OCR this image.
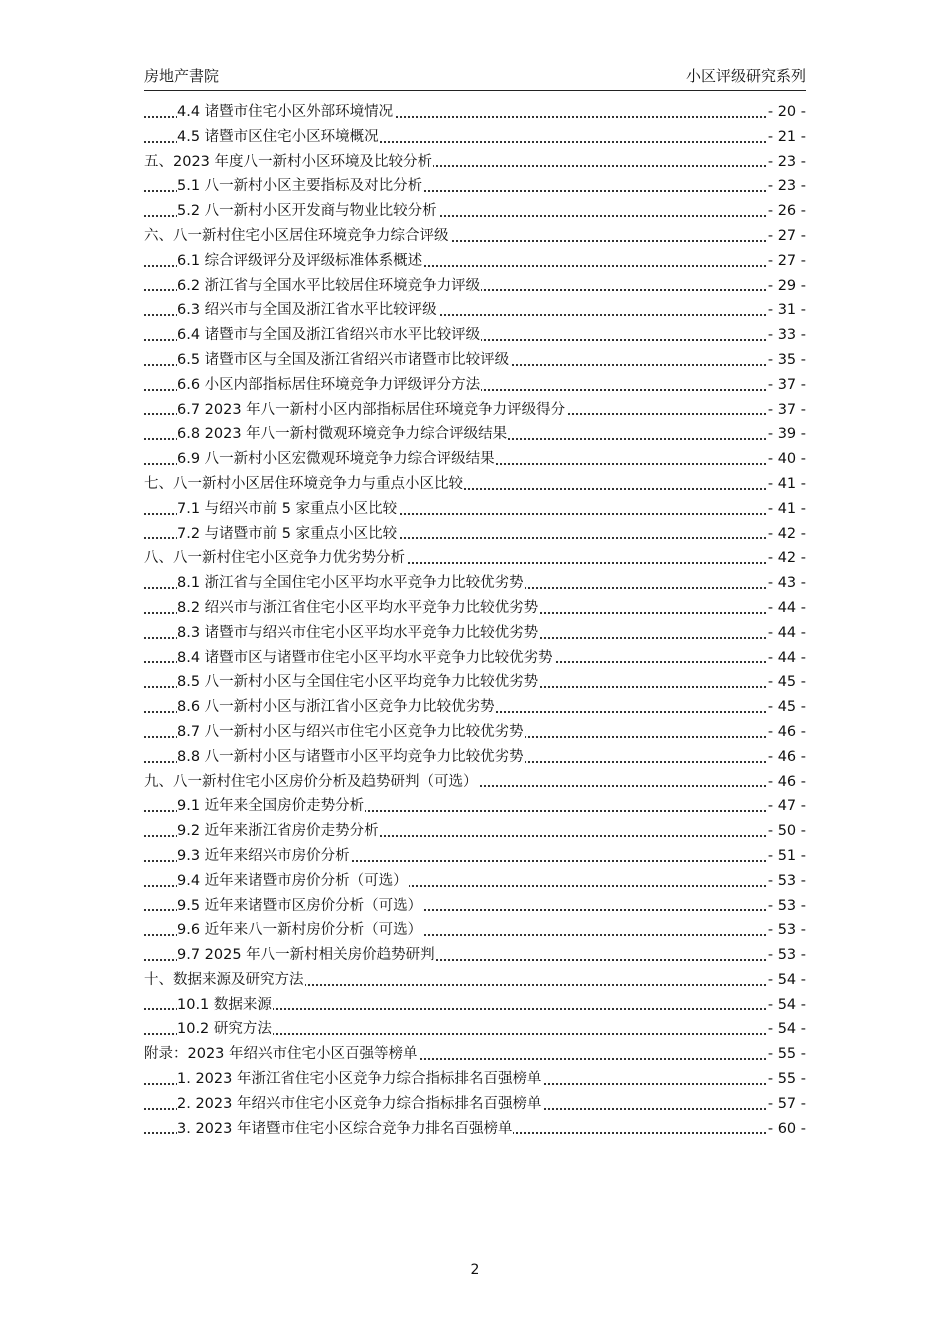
房地产書院	小区评级研究系列
4.4 诸暨市住宅小区外部环境情况	- 20 -
4.5 诸暨市区住宅小区环境概况	- 21 -
五、2023 年度八一新村小区环境及比较分析	- 23 -
5.1 八一新村小区主要指标及对比分析	- 23 -
5.2 八一新村小区开发商与物业比较分析	- 26 -
六、八一新村住宅小区居住环境竞争力综合评级	- 27 -
6.1 综合评级评分及评级标准体系概述	- 27 -
6.2 浙江省与全国水平比较居住环境竞争力评级	- 29 -
6.3 绍兴市与全国及浙江省水平比较评级	- 31 -
6.4 诸暨市与全国及浙江省绍兴市水平比较评级	- 33 -
6.5 诸暨市区与全国及浙江省绍兴市诸暨市比较评级	- 35 -
6.6 小区内部指标居住环境竞争力评级评分方法	- 37 -
6.7 2023 年八一新村小区内部指标居住环境竞争力评级得分	- 37 -
6.8 2023 年八一新村微观环境竞争力综合评级结果	- 39 -
6.9 八一新村小区宏微观环境竞争力综合评级结果	- 40 -
七、八一新村小区居住环境竞争力与重点小区比较	- 41 -
7.1 与绍兴市前 5 家重点小区比较	- 41 -
7.2 与诸暨市前 5 家重点小区比较	- 42 -
八、八一新村住宅小区竞争力优劣势分析	- 42 -
8.1 浙江省与全国住宅小区平均水平竞争力比较优劣势	- 43 -
8.2 绍兴市与浙江省住宅小区平均水平竞争力比较优劣势	- 44 -
8.3 诸暨市与绍兴市住宅小区平均水平竞争力比较优劣势	- 44 -
8.4 诸暨市区与诸暨市住宅小区平均水平竞争力比较优劣势	- 44 -
8.5 八一新村小区与全国住宅小区平均竞争力比较优劣势	- 45 -
8.6 八一新村小区与浙江省小区竞争力比较优劣势	- 45 -
8.7 八一新村小区与绍兴市住宅小区竞争力比较优劣势	- 46 -
8.8 八一新村小区与诸暨市小区平均竞争力比较优劣势	- 46 -
九、八一新村住宅小区房价分析及趋势研判（可选）	- 46 -
9.1 近年来全国房价走势分析	- 47 -
9.2 近年来浙江省房价走势分析	- 50 -
9.3 近年来绍兴市房价分析	- 51 -
9.4 近年来诸暨市房价分析（可选）	- 53 -
9.5 近年来诸暨市区房价分析（可选）	- 53 -
9.6 近年来八一新村房价分析（可选）	- 53 -
9.7 2025 年八一新村相关房价趋势研判	- 53 -
十、数据来源及研究方法	- 54 -
10.1 数据来源	- 54 -
10.2 研究方法	- 54 -
附录：2023 年绍兴市住宅小区百强等榜单	- 55 -
1. 2023 年浙江省住宅小区竞争力综合指标排名百强榜单	- 55 -
2. 2023 年绍兴市住宅小区竞争力综合指标排名百强榜单	- 57 -
3. 2023 年诸暨市住宅小区综合竞争力排名百强榜单	- 60 -
2
